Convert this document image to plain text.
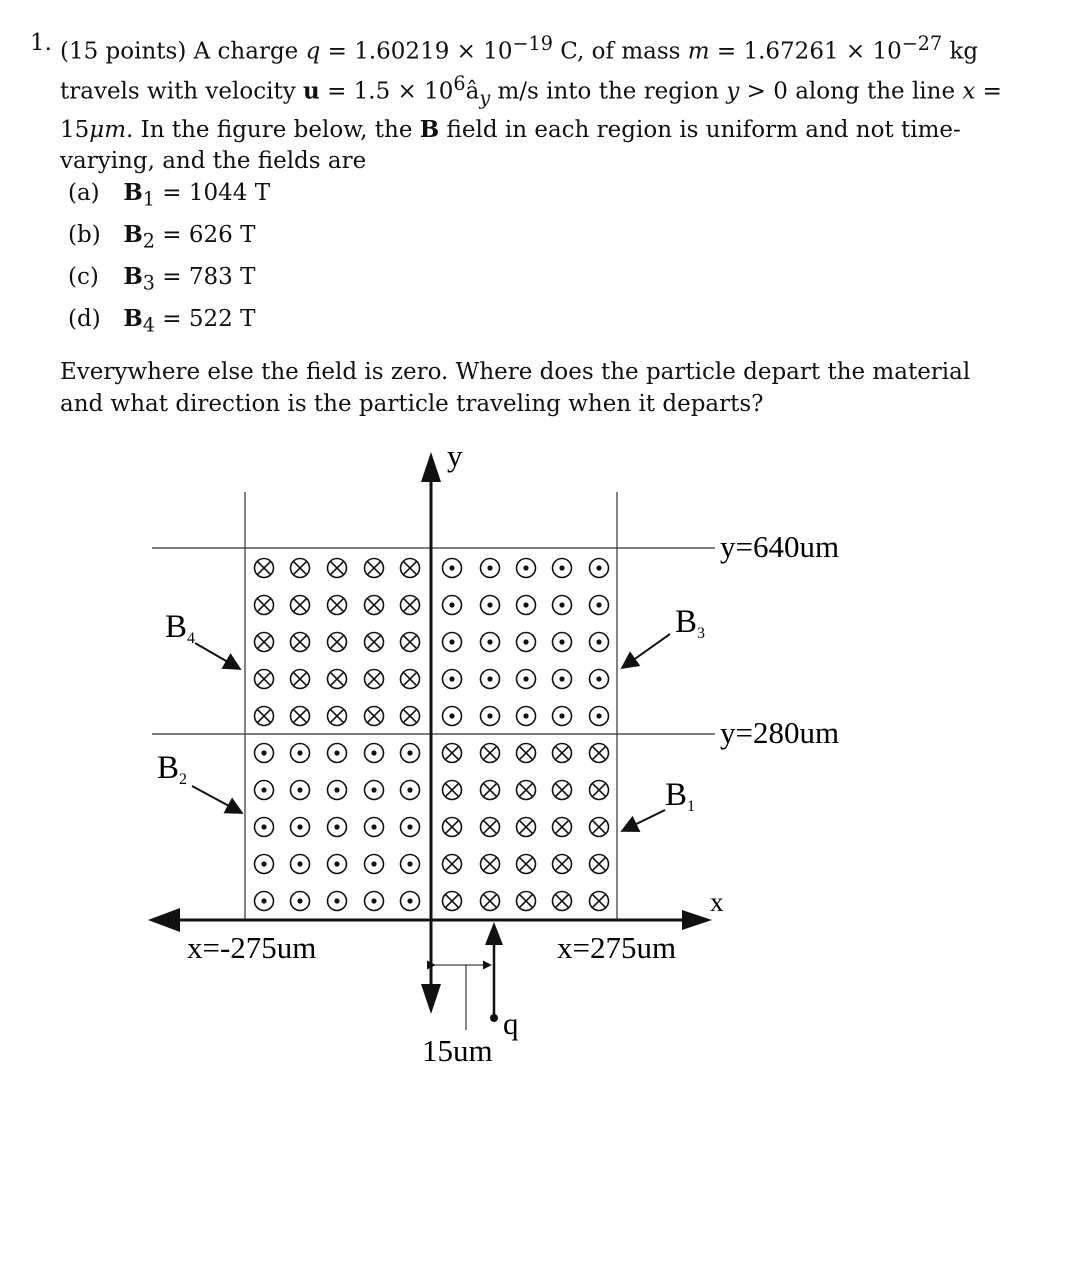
1. (15 points) A charge $q = 1.60219 \times 10^{-19}$ C, of mass $m = 1.67261 \times 10^{-27}$ kg travels with velocity $u = 1.5 \times 10^6â_y$ m/s into the region y > 0 along the line x = 15μm. In the figure below, the B field in each region is uniform and not time-varying, and the fields are
(a) $B_1 = 1044$ T
(b) $B_2 = 626$ T
(c) $B_3 = 783$ T
(d) $B_4 = 522$ T
Everywhere else the field is zero. Where does the particle depart the material and what direction is the particle traveling when it departs?
y
x
y=640um
y=280um
x=-275um	x=275um
15um
q
B4	B3
B2	B1
